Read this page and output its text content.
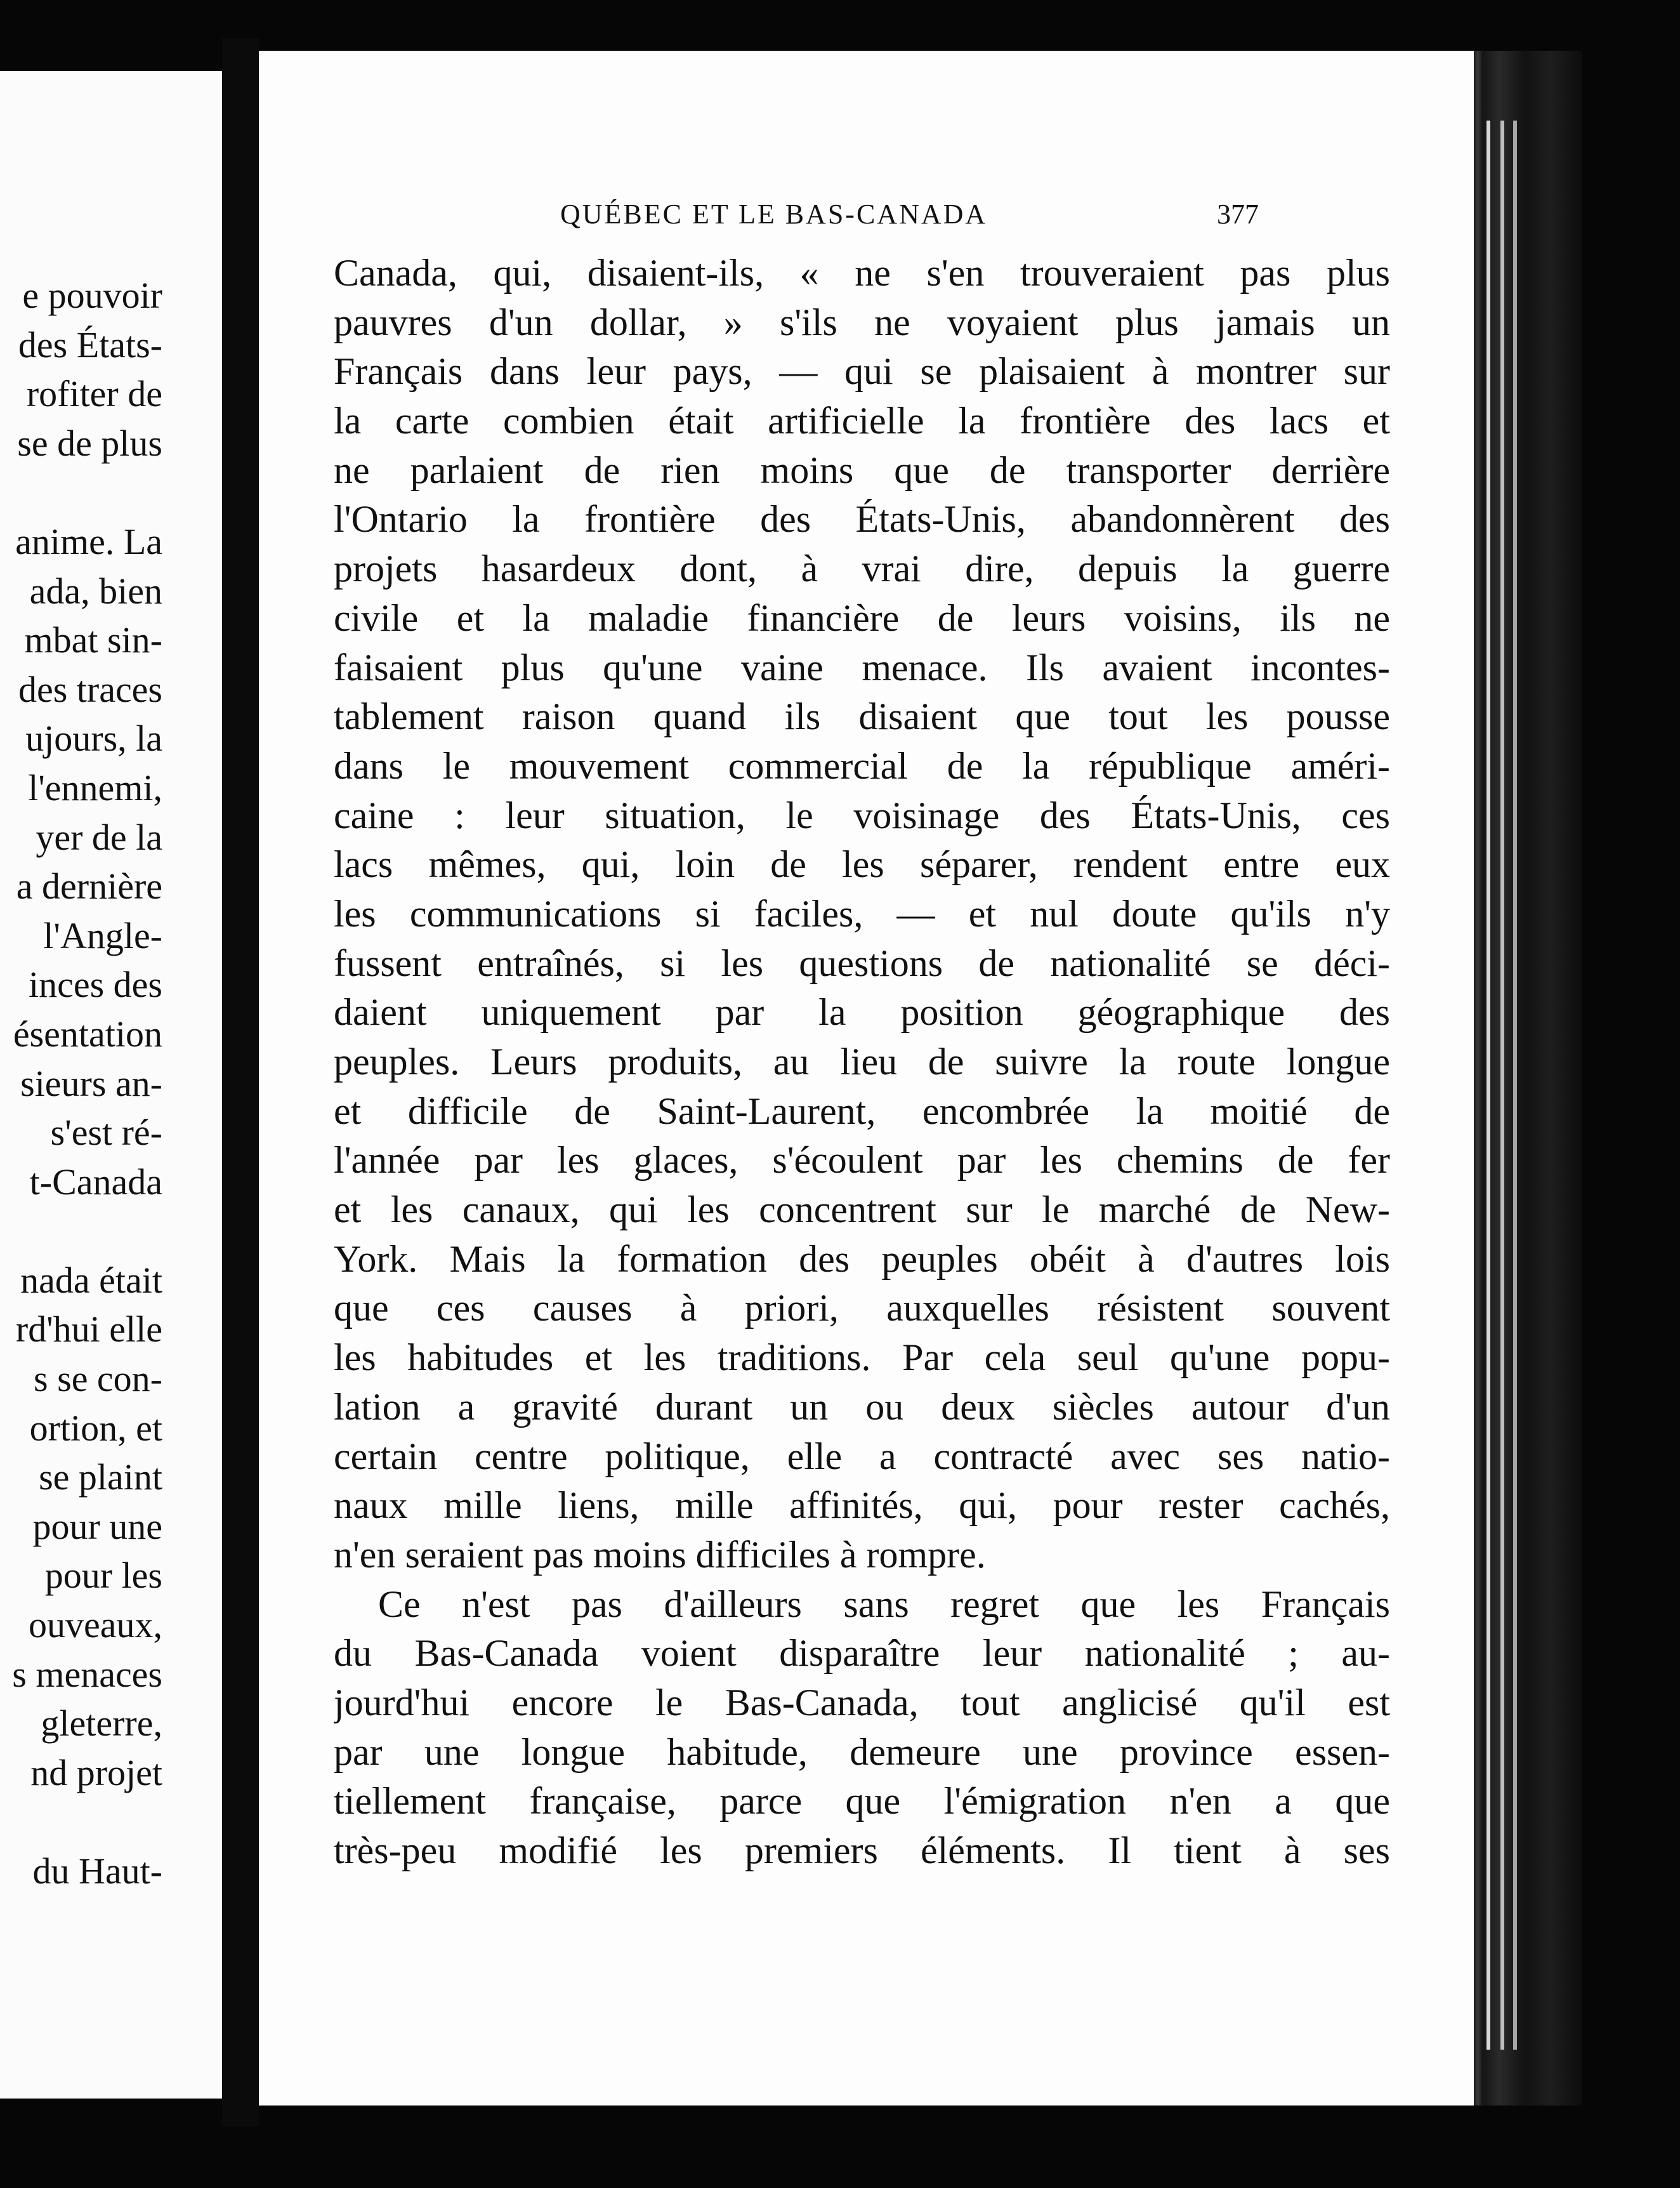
e pouvoir
des États-
rofiter de
se de plus
anime. La
ada, bien
mbat sin-
des traces
ujours, la
l'ennemi,
yer de la
a dernière
l'Angle-
inces des
ésentation
sieurs an-
s'est ré-
t-Canada
nada était
rd'hui elle
s se con-
ortion, et
se plaint
pour une
pour les
ouveaux,
s menaces
gleterre,
nd projet
du Haut-
QUÉBEC ET LE BAS-CANADA	377
Canada, qui, disaient-ils, « ne s'en trouveraient pas plus
pauvres d'un dollar, » s'ils ne voyaient plus jamais un
Français dans leur pays, — qui se plaisaient à montrer sur
la carte combien était artificielle la frontière des lacs et
ne parlaient de rien moins que de transporter derrière
l'Ontario la frontière des États-Unis, abandonnèrent des
projets hasardeux dont, à vrai dire, depuis la guerre
civile et la maladie financière de leurs voisins, ils ne
faisaient plus qu'une vaine menace. Ils avaient incontes-
tablement raison quand ils disaient que tout les pousse
dans le mouvement commercial de la république améri-
caine : leur situation, le voisinage des États-Unis, ces
lacs mêmes, qui, loin de les séparer, rendent entre eux
les communications si faciles, — et nul doute qu'ils n'y
fussent entraînés, si les questions de nationalité se déci-
daient uniquement par la position géographique des
peuples. Leurs produits, au lieu de suivre la route longue
et difficile de Saint-Laurent, encombrée la moitié de
l'année par les glaces, s'écoulent par les chemins de fer
et les canaux, qui les concentrent sur le marché de New-
York. Mais la formation des peuples obéit à d'autres lois
que ces causes à priori, auxquelles résistent souvent
les habitudes et les traditions. Par cela seul qu'une popu-
lation a gravité durant un ou deux siècles autour d'un
certain centre politique, elle a contracté avec ses natio-
naux mille liens, mille affinités, qui, pour rester cachés,
n'en seraient pas moins difficiles à rompre.
Ce n'est pas d'ailleurs sans regret que les Français
du Bas-Canada voient disparaître leur nationalité ; au-
jourd'hui encore le Bas-Canada, tout anglicisé qu'il est
par une longue habitude, demeure une province essen-
tiellement française, parce que l'émigration n'en a que
très-peu modifié les premiers éléments. Il tient à ses
